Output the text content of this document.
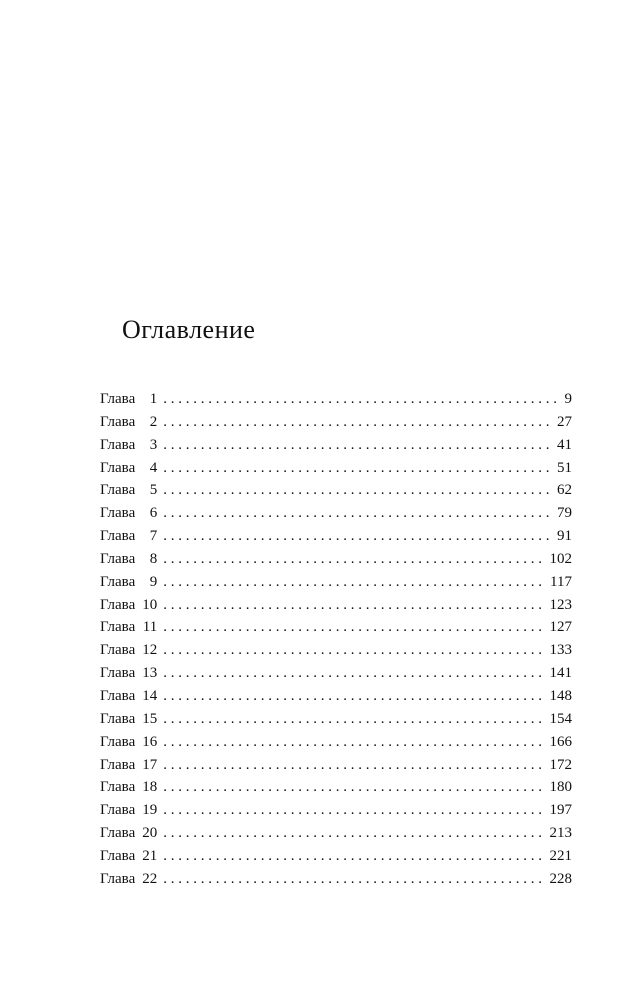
Оглавление
Глава 1 . . .	9
Глава 2 . . .	27
Глава 3 . . .	41
Глава 4 . . .	51
Глава 5 . . .	62
Глава 6 . . .	79
Глава 7 . . .	91
Глава 8 . . .	102
Глава 9 . . .	117
Глава 10 . . .	123
Глава 11 . . .	127
Глава 12 . . .	133
Глава 13 . . .	141
Глава 14 . . .	148
Глава 15 . . .	154
Глава 16 . . .	166
Глава 17 . . .	172
Глава 18 . . .	180
Глава 19 . . .	197
Глава 20 . . .	213
Глава 21 . . .	221
Глава 22 . . .	228
